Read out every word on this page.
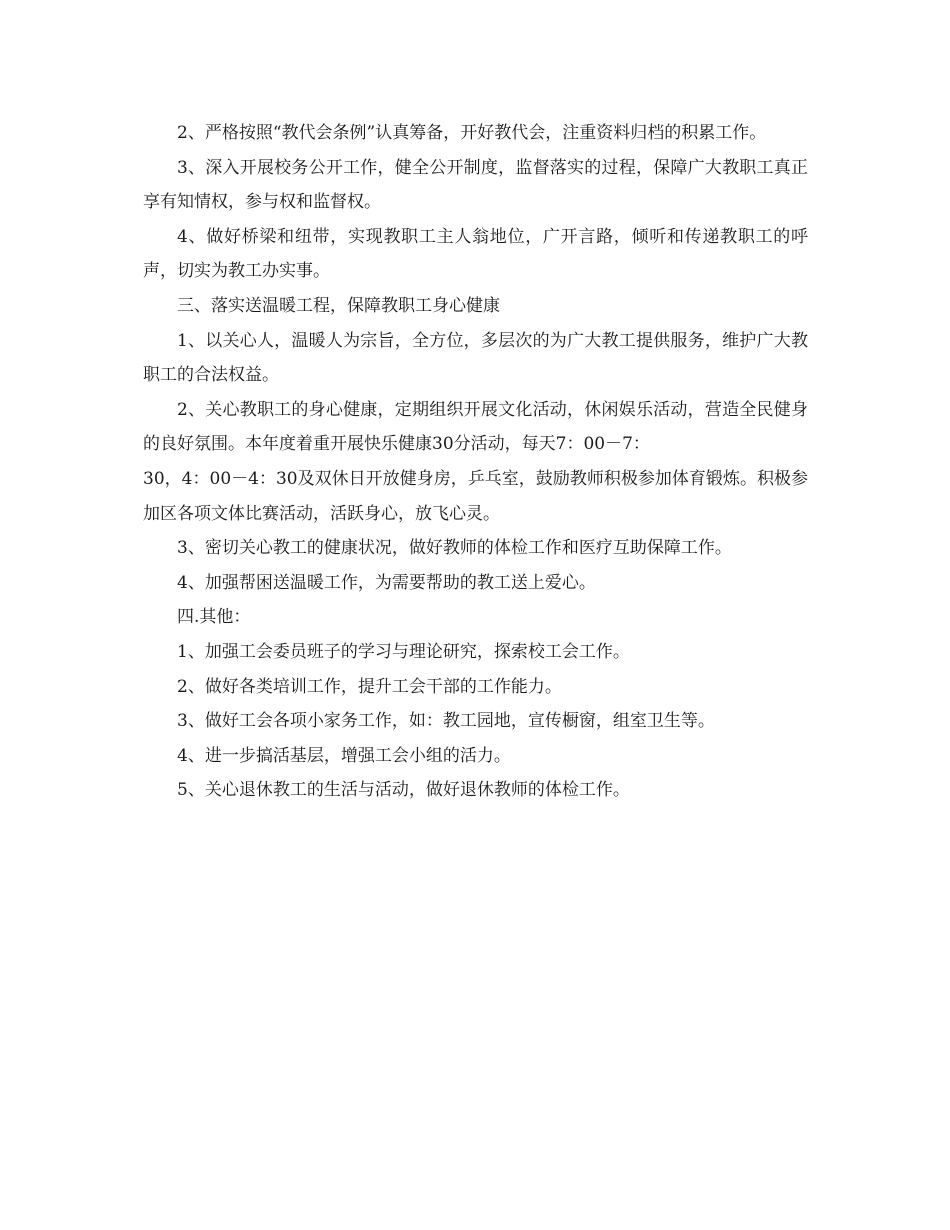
2、严格按照“教代会条例”认真筹备，开好教代会，注重资料归档的积累工作。

3、深入开展校务公开工作，健全公开制度，监督落实的过程，保障广大教职工真正享有知情权，参与权和监督权。

4、做好桥梁和纽带，实现教职工主人翁地位，广开言路，倾听和传递教职工的呼声，切实为教工办实事。

三、落实送温暖工程，保障教职工身心健康

1、以关心人，温暖人为宗旨，全方位，多层次的为广大教工提供服务，维护广大教职工的合法权益。

2、关心教职工的身心健康，定期组织开展文化活动，休闲娱乐活动，营造全民健身的良好氛围。本年度着重开展快乐健康30分活动，每天7：00－7：

30，4：00－4：30及双休日开放健身房，乒乓室，鼓励教师积极参加体育锻炼。积极参加区各项文体比赛活动，活跃身心，放飞心灵。

3、密切关心教工的健康状况，做好教师的体检工作和医疗互助保障工作。

4、加强帮困送温暖工作，为需要帮助的教工送上爱心。

四.其他：

1、加强工会委员班子的学习与理论研究，探索校工会工作。

2、做好各类培训工作，提升工会干部的工作能力。

3、做好工会各项小家务工作，如：教工园地，宣传橱窗，组室卫生等。

4、进一步搞活基层，增强工会小组的活力。

5、关心退休教工的生活与活动，做好退休教师的体检工作。
